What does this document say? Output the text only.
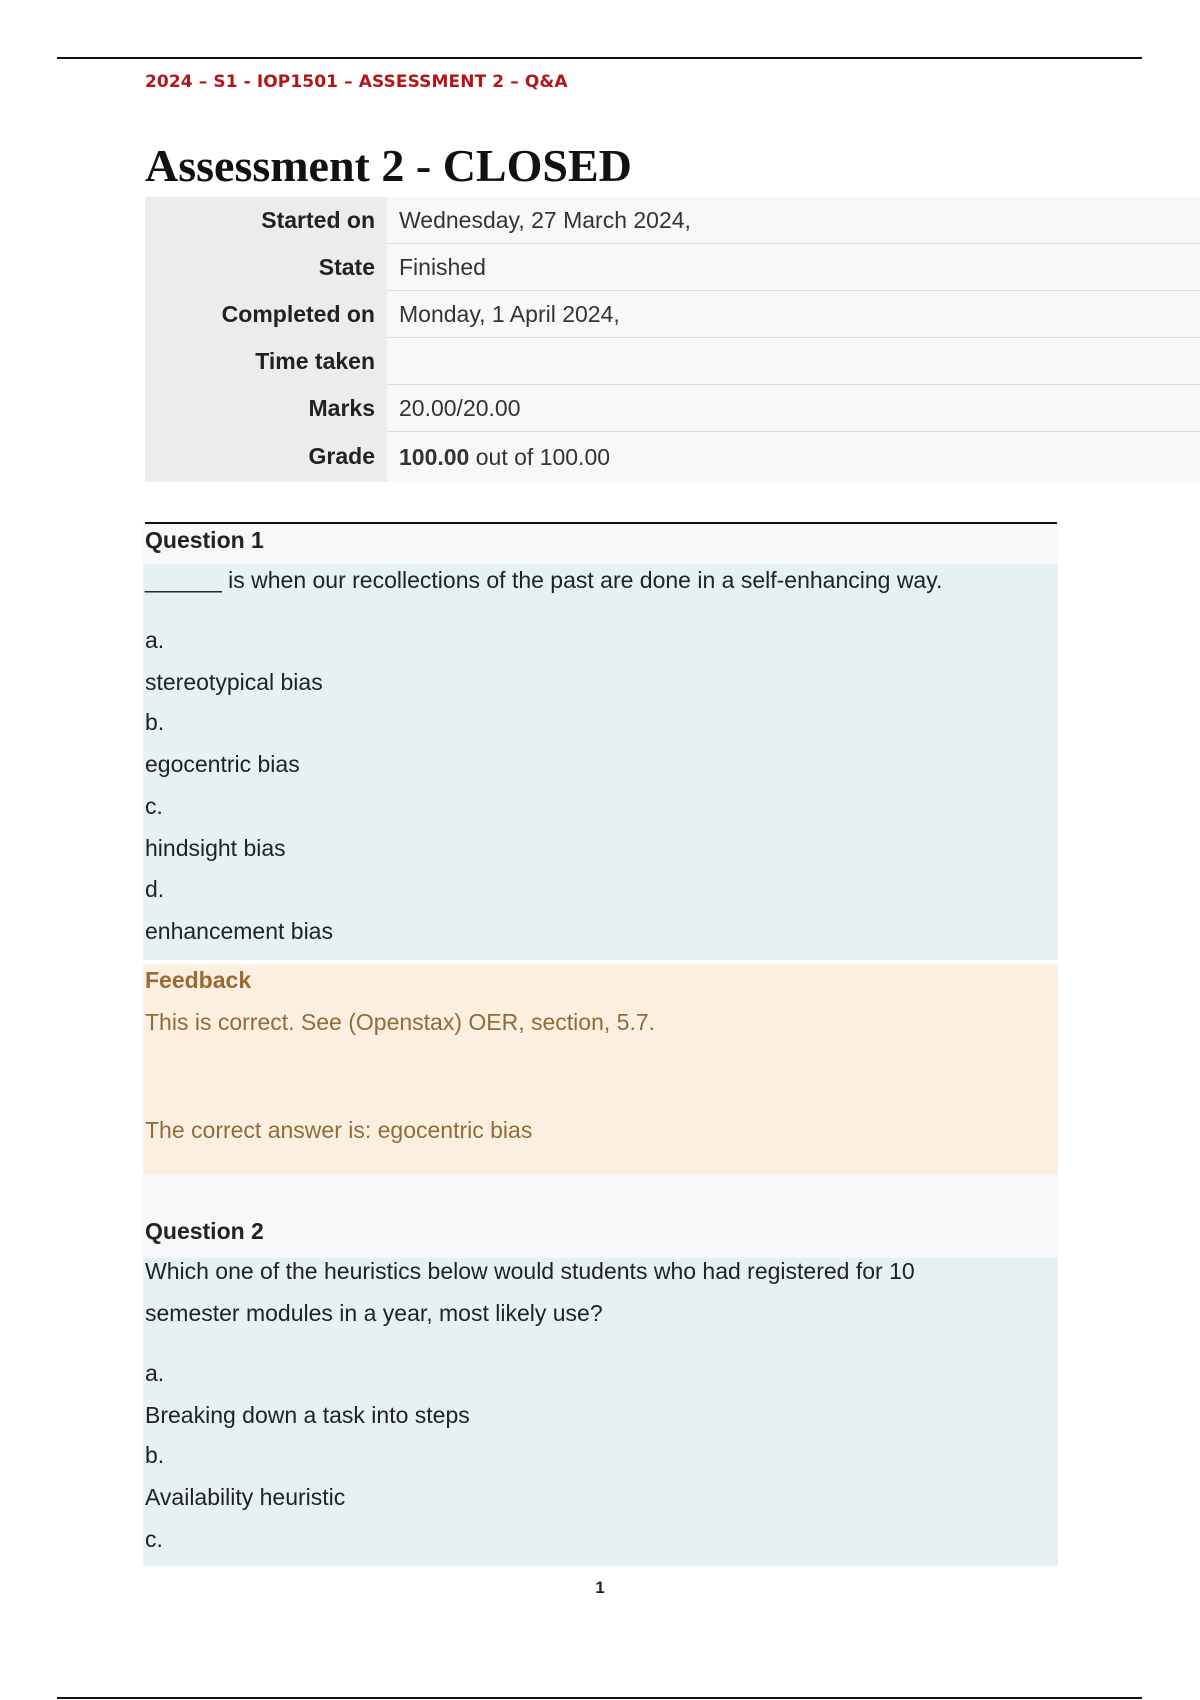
2024 – S1 - IOP1501 – ASSESSMENT 2 – Q&A
Assessment 2 - CLOSED
Started on	Wednesday, 27 March 2024,
State	Finished
Completed on	Monday, 1 April 2024,
Time taken	
Marks	20.00/20.00
Grade	100.00 out of 100.00
Question 1
______ is when our recollections of the past are done in a self-enhancing way.
a.
stereotypical bias
b.
egocentric bias
c.
hindsight bias
d.
enhancement bias
Feedback
This is correct. See (Openstax) OER, section, 5.7.
The correct answer is: egocentric bias
Question 2
Which one of the heuristics below would students who had registered for 10
semester modules in a year, most likely use?
a.
Breaking down a task into steps
b.
Availability heuristic
c.
1
